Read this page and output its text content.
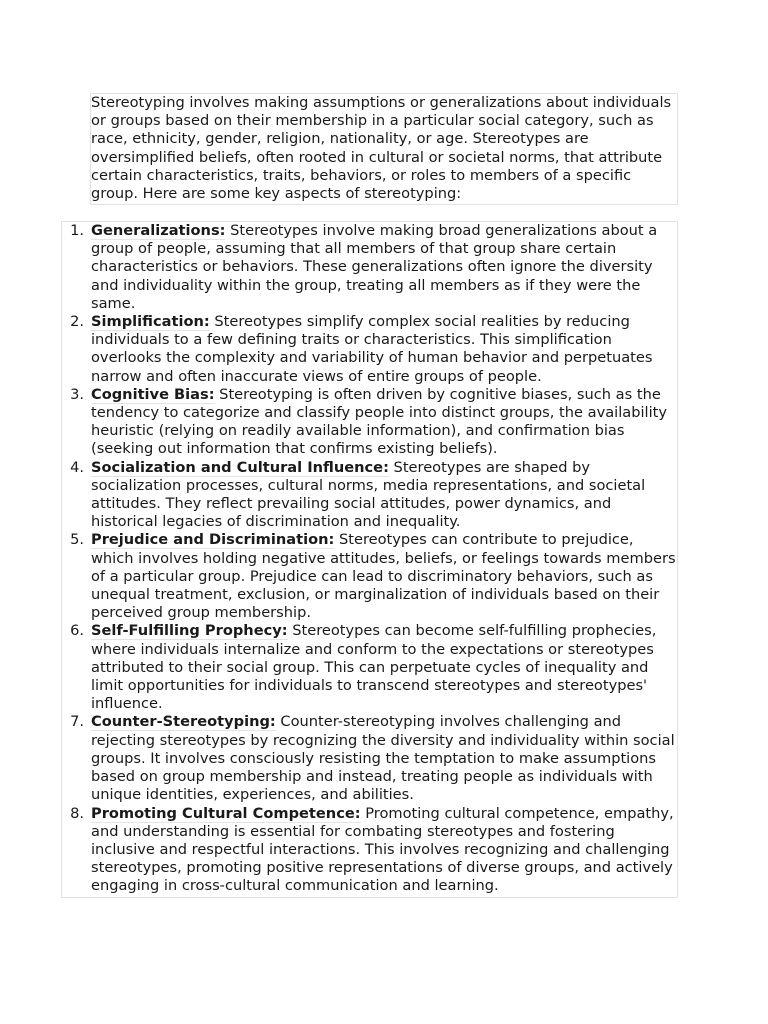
Stereotyping involves making assumptions or generalizations about individuals or groups based on their membership in a particular social category, such as race, ethnicity, gender, religion, nationality, or age. Stereotypes are oversimplified beliefs, often rooted in cultural or societal norms, that attribute certain characteristics, traits, behaviors, or roles to members of a specific group. Here are some key aspects of stereotyping:

1. Generalizations: Stereotypes involve making broad generalizations about a group of people, assuming that all members of that group share certain characteristics or behaviors. These generalizations often ignore the diversity and individuality within the group, treating all members as if they were the same.
2. Simplification: Stereotypes simplify complex social realities by reducing individuals to a few defining traits or characteristics. This simplification overlooks the complexity and variability of human behavior and perpetuates narrow and often inaccurate views of entire groups of people.
3. Cognitive Bias: Stereotyping is often driven by cognitive biases, such as the tendency to categorize and classify people into distinct groups, the availability heuristic (relying on readily available information), and confirmation bias (seeking out information that confirms existing beliefs).
4. Socialization and Cultural Influence: Stereotypes are shaped by socialization processes, cultural norms, media representations, and societal attitudes. They reflect prevailing social attitudes, power dynamics, and historical legacies of discrimination and inequality.
5. Prejudice and Discrimination: Stereotypes can contribute to prejudice, which involves holding negative attitudes, beliefs, or feelings towards members of a particular group. Prejudice can lead to discriminatory behaviors, such as unequal treatment, exclusion, or marginalization of individuals based on their perceived group membership.
6. Self-Fulfilling Prophecy: Stereotypes can become self-fulfilling prophecies, where individuals internalize and conform to the expectations or stereotypes attributed to their social group. This can perpetuate cycles of inequality and limit opportunities for individuals to transcend stereotypes and stereotypes' influence.
7. Counter-Stereotyping: Counter-stereotyping involves challenging and rejecting stereotypes by recognizing the diversity and individuality within social groups. It involves consciously resisting the temptation to make assumptions based on group membership and instead, treating people as individuals with unique identities, experiences, and abilities.
8. Promoting Cultural Competence: Promoting cultural competence, empathy, and understanding is essential for combating stereotypes and fostering inclusive and respectful interactions. This involves recognizing and challenging stereotypes, promoting positive representations of diverse groups, and actively engaging in cross-cultural communication and learning.
